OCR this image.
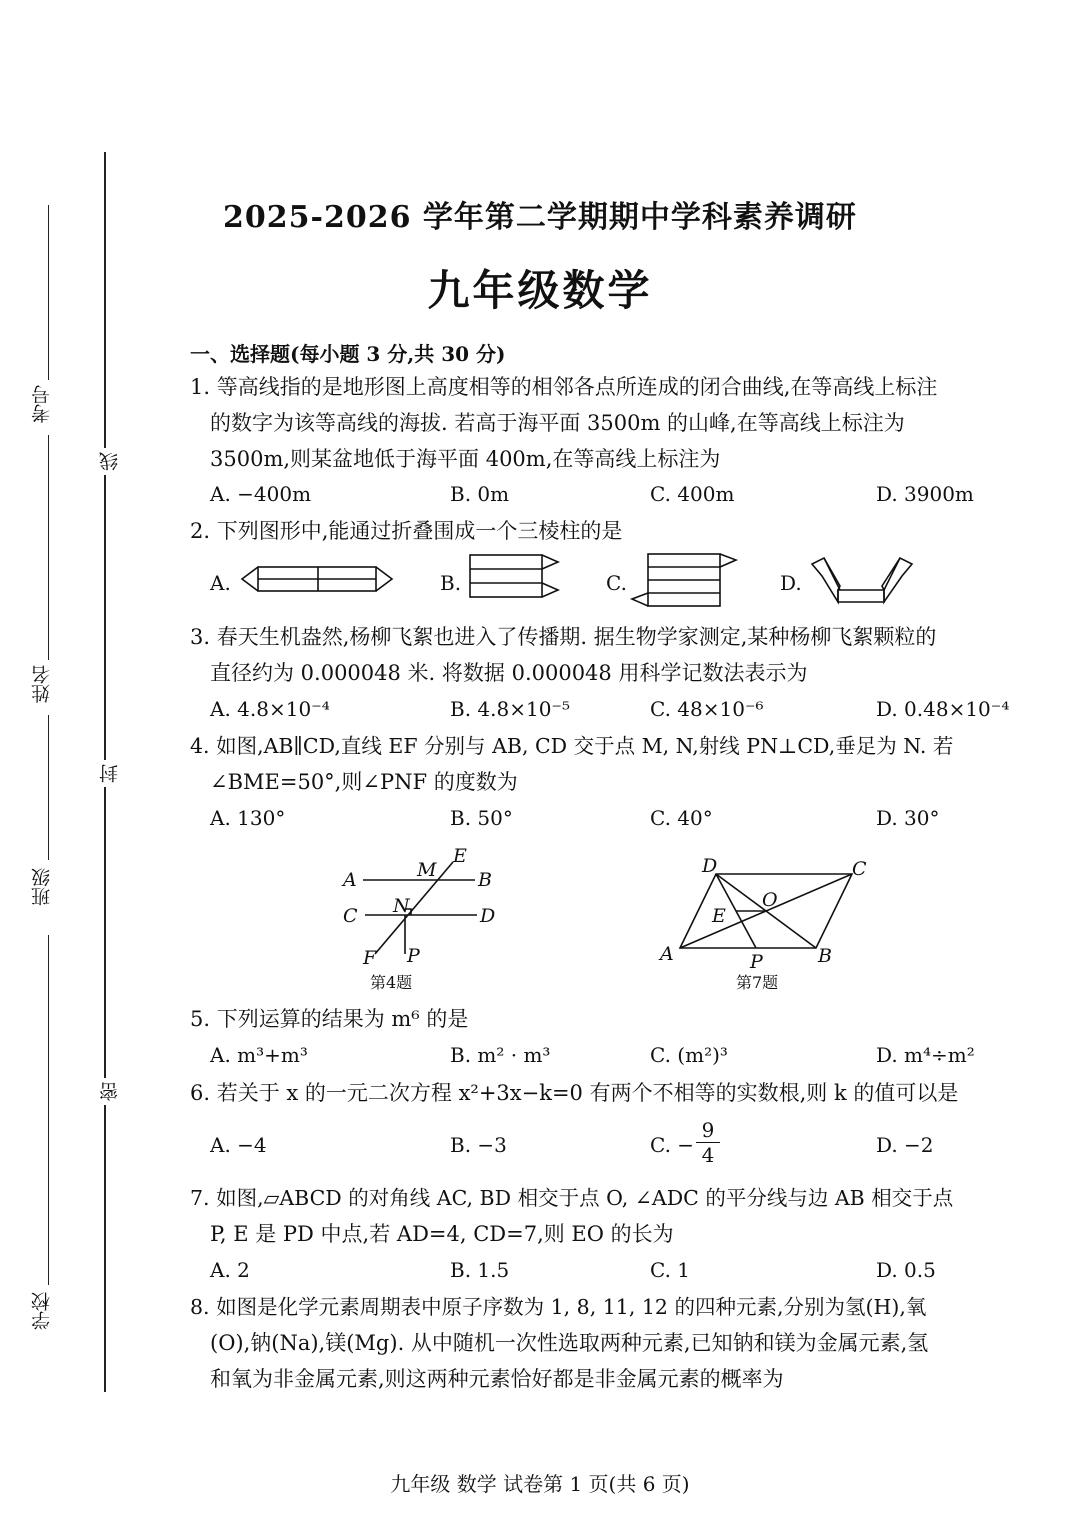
考号
姓名
班级
学校
线
封
密
2025-2026 学年第二学期期中学科素养调研
九年级数学
一、选择题(每小题 3 分,共 30 分)
1. 等高线指的是地形图上高度相等的相邻各点所连成的闭合曲线,在等高线上标注
的数字为该等高线的海拔. 若高于海平面 3500m 的山峰,在等高线上标注为
3500m,则某盆地低于海平面 400m,在等高线上标注为
A. −400m	B. 0m	C. 400m	D. 3900m
2. 下列图形中,能通过折叠围成一个三棱柱的是
A.	B.	C.	D.
3. 春天生机盎然,杨柳飞絮也进入了传播期. 据生物学家测定,某种杨柳飞絮颗粒的
直径约为 0.000048 米. 将数据 0.000048 用科学记数法表示为
A. 4.8×10⁻⁴	B. 4.8×10⁻⁵	C. 48×10⁻⁶	D. 0.48×10⁻⁴
4. 如图,AB∥CD,直线 EF 分别与 AB, CD 交于点 M, N,射线 PN⊥CD,垂足为 N. 若
∠BME=50°,则∠PNF 的度数为
A. 130°	B. 50°	C. 40°	D. 30°
A	B
C	D
E
F
M
N
P
第4题
A	B
C
D
E
O
P
第7题
5. 下列运算的结果为 m⁶ 的是
A. m³+m³	B. m² · m³	C. (m²)³	D. m⁴÷m²
6. 若关于 x 的一元二次方程 x²+3x−k=0 有两个不相等的实数根,则 k 的值可以是
A. −4	B. −3	C. − $\frac{9}{4}$	D. −2
7. 如图,▱ABCD 的对角线 AC, BD 相交于点 O, ∠ADC 的平分线与边 AB 相交于点
P, E 是 PD 中点,若 AD=4, CD=7,则 EO 的长为
A. 2	B. 1.5	C. 1	D. 0.5
8. 如图是化学元素周期表中原子序数为 1, 8, 11, 12 的四种元素,分别为氢(H),氧
(O),钠(Na),镁(Mg). 从中随机一次性选取两种元素,已知钠和镁为金属元素,氢
和氧为非金属元素,则这两种元素恰好都是非金属元素的概率为
九年级 数学 试卷第 1 页(共 6 页)
